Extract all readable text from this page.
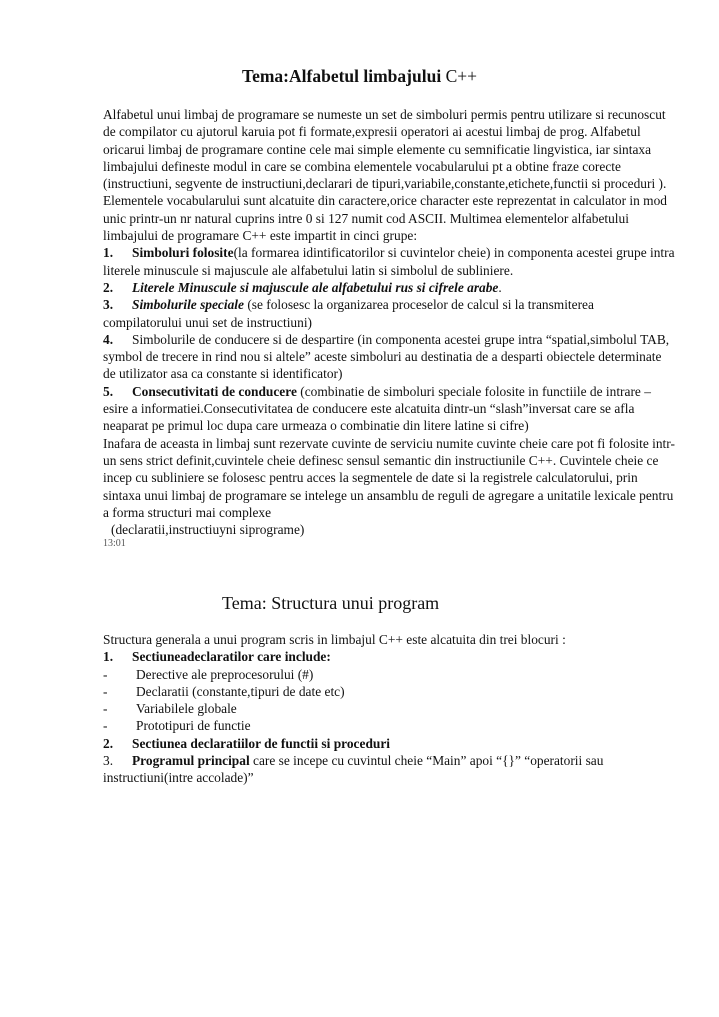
Tema:Alfabetul limbajului C++

Alfabetul unui limbaj de programare se numeste un set de simboluri permis pentru utilizare si recunoscut de compilator cu ajutorul karuia pot fi formate,expresii operatori ai acestui limbaj de prog. Alfabetul oricarui limbaj de programare contine cele mai simple elemente cu semnificatie lingvistica, iar sintaxa limbajului defineste modul in care se combina elementele vocabularului pt a obtine fraze corecte (instructiuni, segvente de instructiuni,declarari de tipuri,variabile,constante,etichete,functii si proceduri ). Elementele vocabularului sunt alcatuite din caractere,orice character este reprezentat in calculator in mod unic printr-un nr natural cuprins intre 0 si 127 numit cod ASCII. Multimea elementelor alfabetului limbajului de programare C++ este impartit in cinci grupe:

1. Simboluri folosite(la formarea idintificatorilor si cuvintelor cheie) in componenta acestei grupe intra literele minuscule si majuscule ale alfabetului latin si simbolul de subliniere.
2. Literele Minuscule si majuscule ale alfabetului rus si cifrele arabe.
3. Simbolurile speciale (se folosesc la organizarea proceselor de calcul si la transmiterea compilatorului unui set de instructiuni)
4. Simbolurile de conducere si de despartire (in componenta acestei grupe intra “spatial,simbolul TAB, symbol de trecere in rind nou si altele” aceste simboluri au destinatia de a desparti obiectele determinate de utilizator asa ca constante si identificator)
5. Consecutivitati de conducere (combinatie de simboluri speciale folosite in functiile de intrare –esire a informatiei.Consecutivitatea de conducere este alcatuita dintr-un “slash”inversat care se afla neaparat pe primul loc dupa care urmeaza o combinatie din litere latine si cifre)

Inafara de aceasta in limbaj sunt rezervate cuvinte de serviciu numite cuvinte cheie care pot fi folosite intr-un sens strict definit,cuvintele cheie definesc sensul semantic din instructiunile C++. Cuvintele cheie ce incep cu subliniere se folosesc pentru acces la segmentele de date si la registrele calculatorului, prin sintaxa unui limbaj de programare se intelege un ansamblu de reguli de agregare a unitatile lexicale pentru a forma structuri mai complexe

(declaratii,instructiuyni siprograme)

13:01
Tema: Structura unui program

Structura generala a unui program scris in limbajul C++ este alcatuita din trei blocuri :

1. Sectiuneadeclaratilor care include:
- Derective ale preprocesorului (#)
- Declaratii (constante,tipuri de date etc)
- Variabilele globale
- Prototipuri de functie
2. Sectiunea declaratiilor de functii si proceduri
3. Programul principal care se incepe cu cuvintul cheie “Main” apoi “{}” “operatorii sau instructiuni(intre accolade)”
